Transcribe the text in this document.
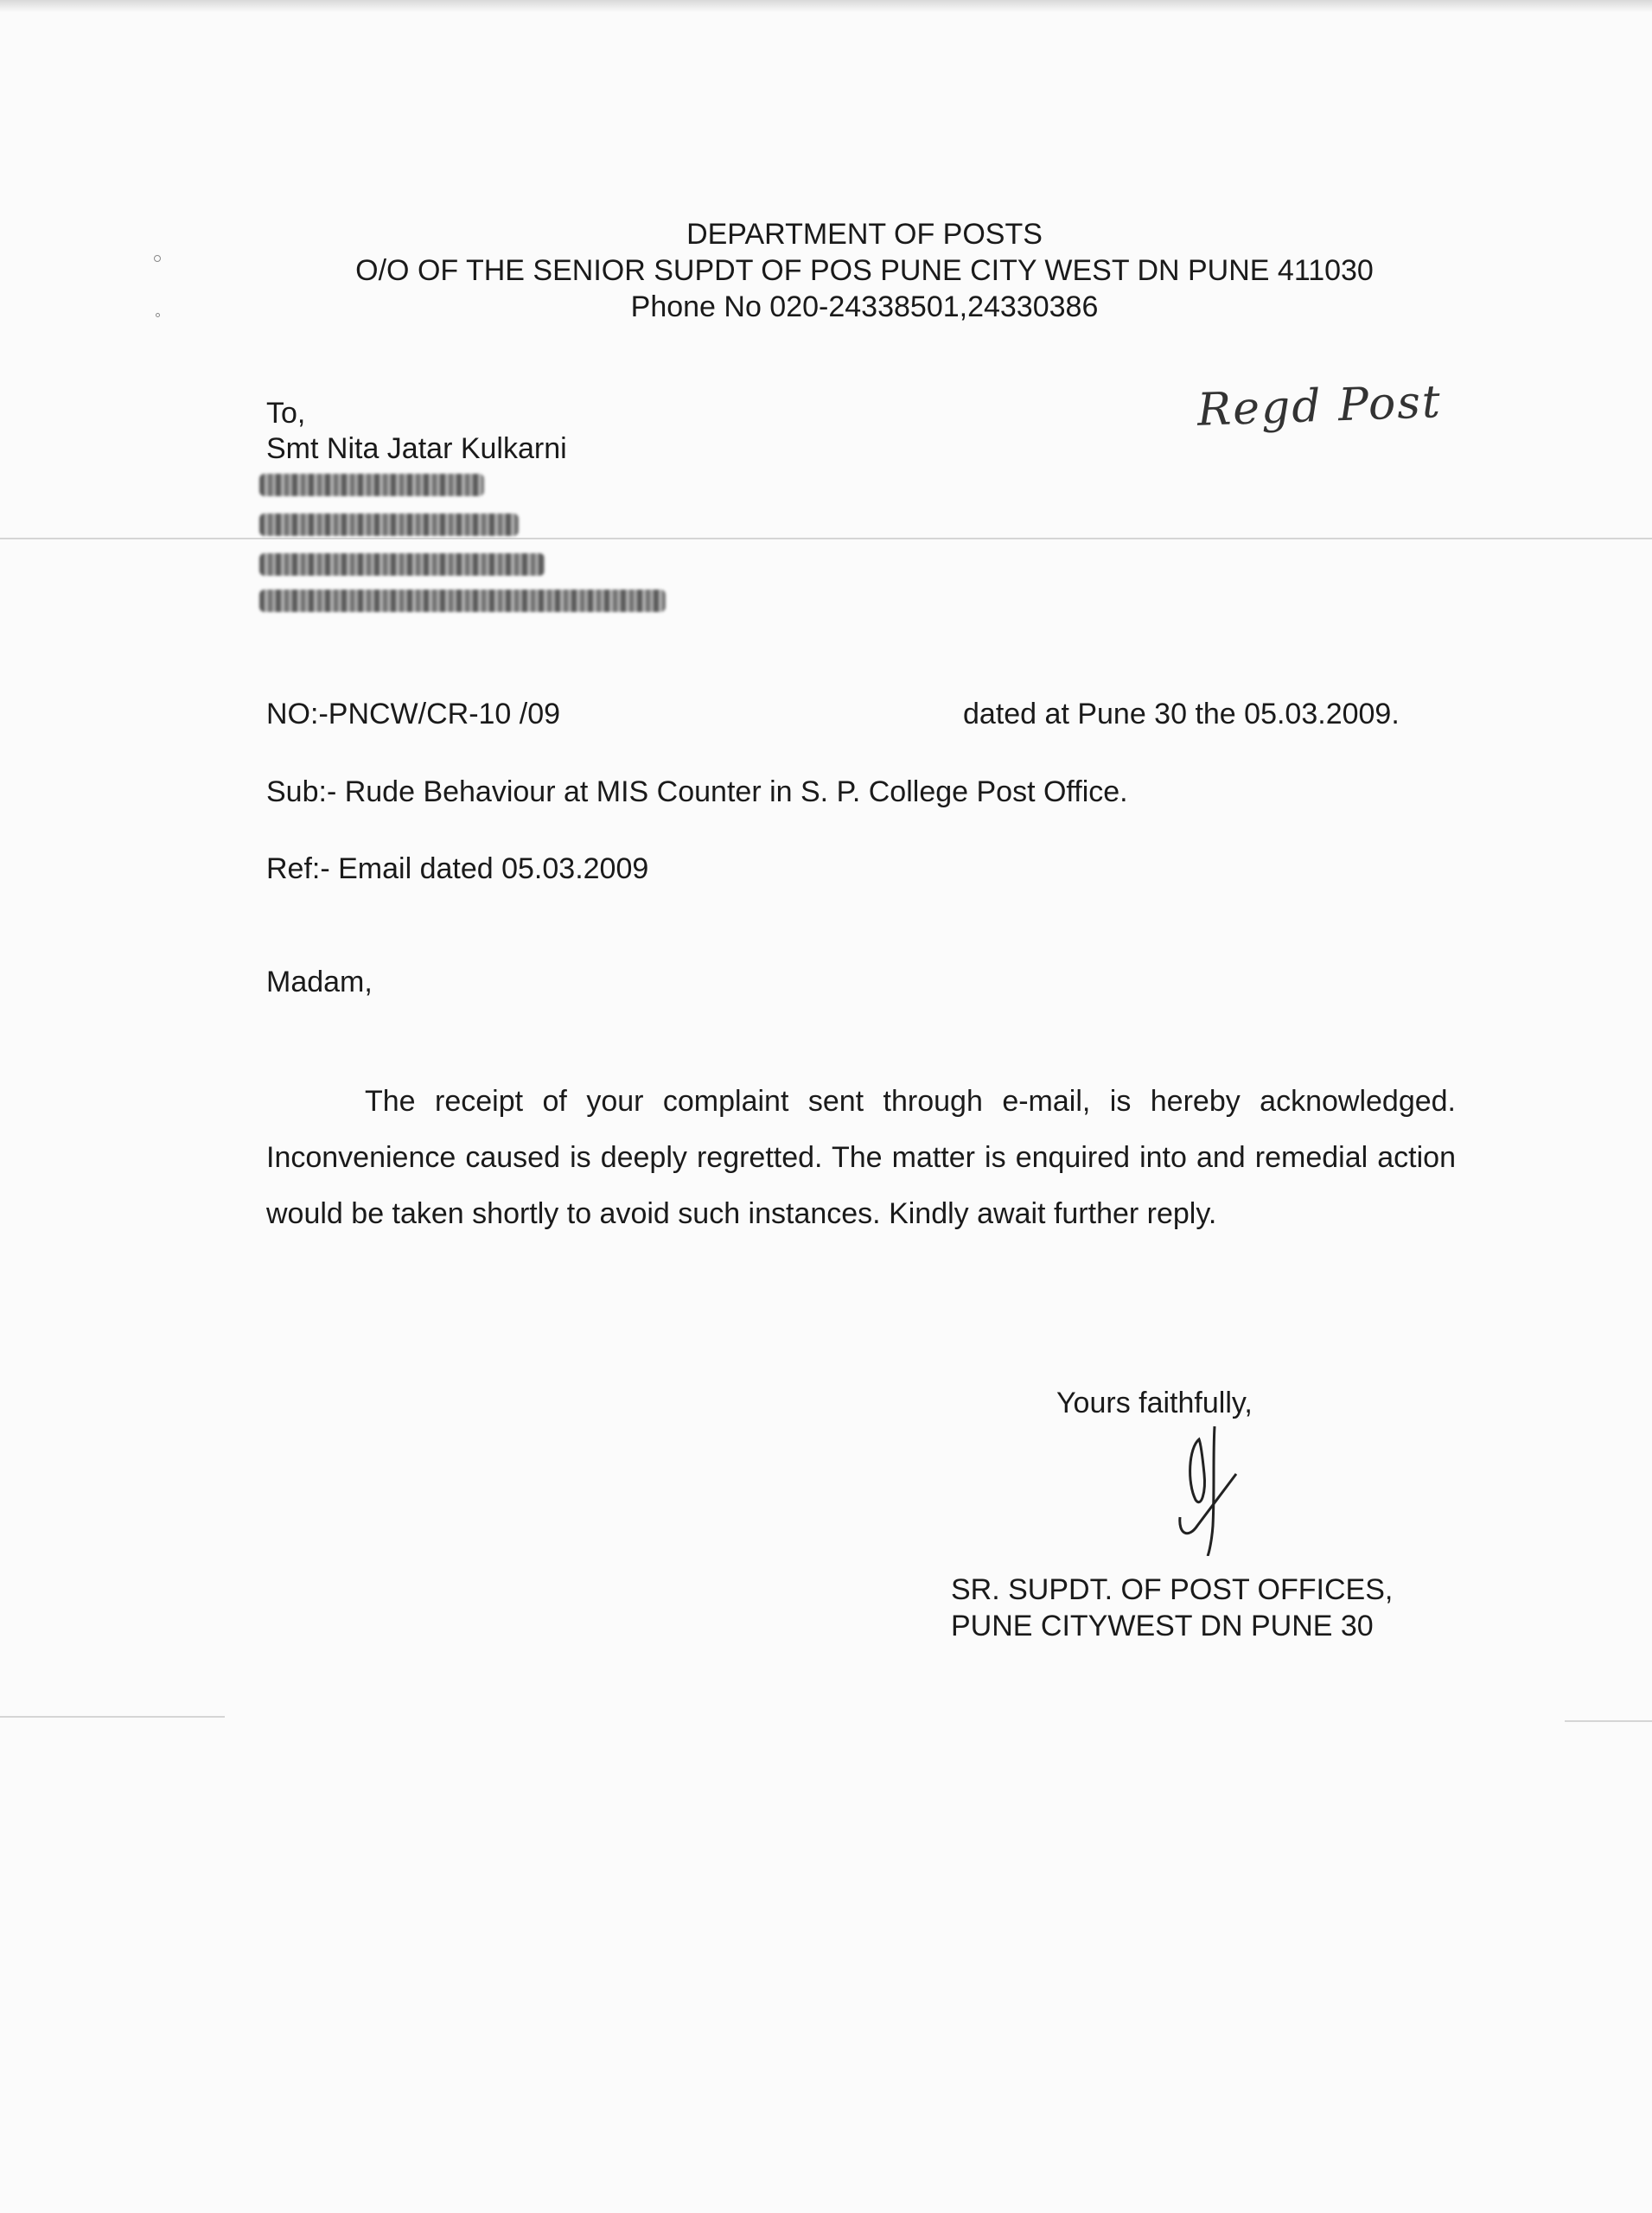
DEPARTMENT OF POSTS
O/O OF THE SENIOR SUPDT OF POS PUNE CITY WEST DN PUNE 411030
Phone No 020-24338501,24330386
Regd Post
To,
Smt Nita Jatar Kulkarni
NO:-PNCW/CR-10 /09	dated at Pune 30 the 05.03.2009.
Sub:- Rude Behaviour at MIS Counter in S. P. College Post Office.
Ref:- Email dated 05.03.2009
Madam,
The receipt of your complaint sent through e-mail, is hereby acknowledged. Inconvenience caused is deeply regretted. The matter is enquired into and remedial action would be taken shortly to avoid such instances. Kindly await further reply.
Yours faithfully,
SR. SUPDT. OF POST OFFICES,
PUNE CITYWEST DN PUNE 30
